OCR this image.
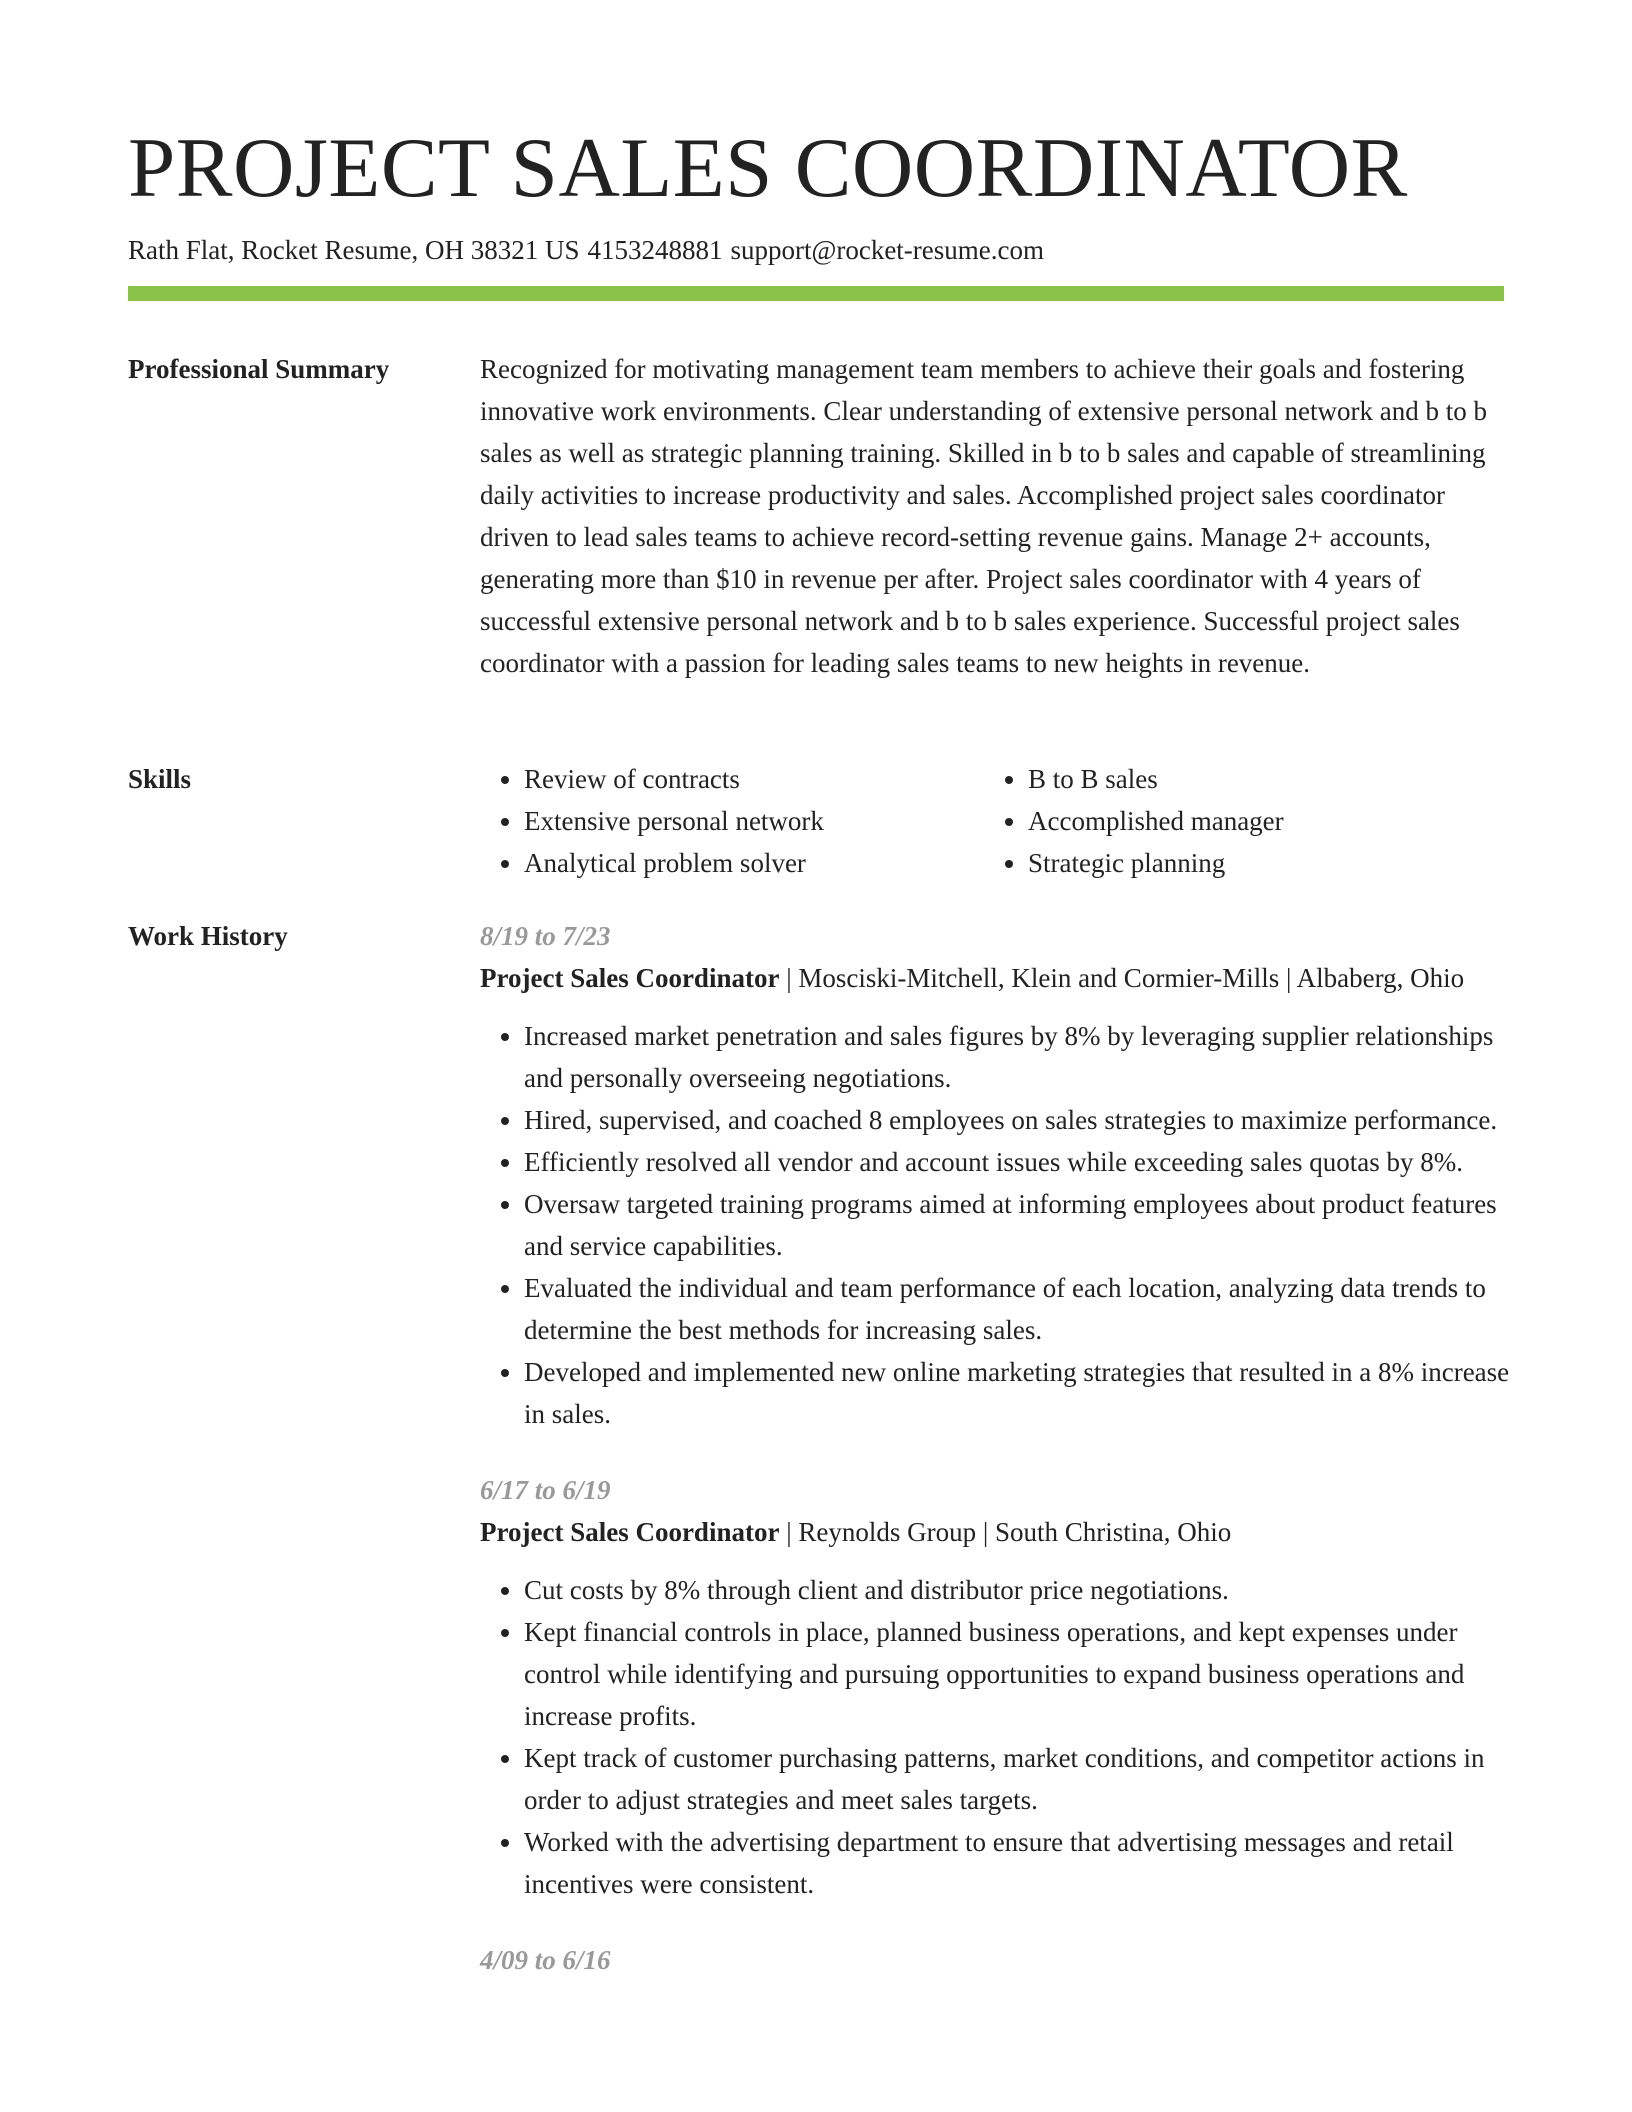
PROJECT SALES COORDINATOR
Rath Flat, Rocket Resume, OH 38321 US 4153248881 support@rocket-resume.com
Professional Summary	Recognized for motivating management team members to achieve their goals and fostering innovative work environments. Clear understanding of extensive personal network and b to b sales as well as strategic planning training. Skilled in b to b sales and capable of streamlining daily activities to increase productivity and sales. Accomplished project sales coordinator driven to lead sales teams to achieve record-setting revenue gains. Manage 2+ accounts, generating more than $10 in revenue per after. Project sales coordinator with 4 years of successful extensive personal network and b to b sales experience. Successful project sales coordinator with a passion for leading sales teams to new heights in revenue.

Skills
•	Review of contracts
• Extensive personal network
• Analytical problem solver
• B to B sales
• Accomplished manager
• Strategic planning
Work History	8/19 to 7/23
Project Sales Coordinator | Mosciski-Mitchell, Klein and Cormier-Mills | Albaberg, Ohio
• Increased market penetration and sales figures by 8% by leveraging supplier relationships and personally overseeing negotiations.
• Hired, supervised, and coached 8 employees on sales strategies to maximize performance.
• Efficiently resolved all vendor and account issues while exceeding sales quotas by 8%.
• Oversaw targeted training programs aimed at informing employees about product features and service capabilities.
• Evaluated the individual and team performance of each location, analyzing data trends to determine the best methods for increasing sales.
• Developed and implemented new online marketing strategies that resulted in a 8% increase in sales.
6/17 to 6/19
Project Sales Coordinator | Reynolds Group | South Christina, Ohio
• Cut costs by 8% through client and distributor price negotiations.
• Kept financial controls in place, planned business operations, and kept expenses under control while identifying and pursuing opportunities to expand business operations and increase profits.
• Kept track of customer purchasing patterns, market conditions, and competitor actions in order to adjust strategies and meet sales targets.
• Worked with the advertising department to ensure that advertising messages and retail incentives were consistent.
4/09 to 6/16
